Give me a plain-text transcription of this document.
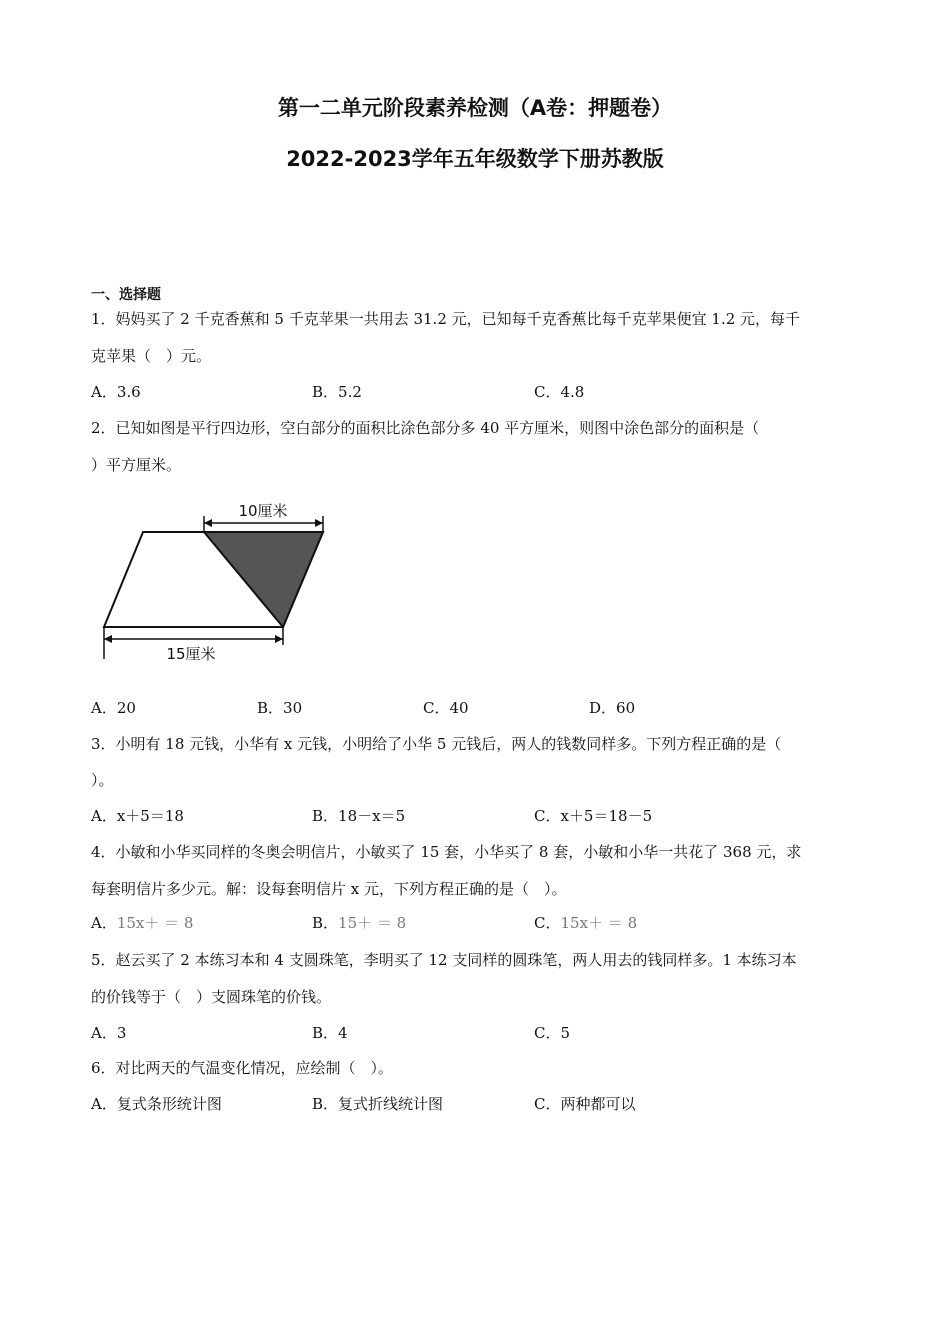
第一二单元阶段素养检测（A卷：押题卷）
2022-2023学年五年级数学下册苏教版
一、选择题
1．妈妈买了 2 千克香蕉和 5 千克苹果一共用去 31.2 元，已知每千克香蕉比每千克苹果便宜 1.2 元，每千
克苹果（　）元。
A．3.6	B．5.2	C．4.8
2．已知如图是平行四边形，空白部分的面积比涂色部分多 40 平方厘米，则图中涂色部分的面积是（
）平方厘米。
10厘米
15厘米
A．20	B．30	C．40	D．60
3．小明有 18 元钱，小华有 x 元钱，小明给了小华 5 元钱后，两人的钱数同样多。下列方程正确的是（
）。
A．x＋5＝18	B．18－x＝5	C．x＋5＝18－5
4．小敏和小华买同样的冬奥会明信片，小敏买了 15 套，小华买了 8 套，小敏和小华一共花了 368 元，求
每套明信片多少元。解：设每套明信片 x 元，下列方程正确的是（　）。
A．15x＋ ＝ 8	B．15＋ ＝ 8	C．15x＋ ＝ 8
5．赵云买了 2 本练习本和 4 支圆珠笔，李明买了 12 支同样的圆珠笔，两人用去的钱同样多。1 本练习本
的价钱等于（　）支圆珠笔的价钱。
A．3	B．4	C．5
6．对比两天的气温变化情况，应绘制（　）。
A．复式条形统计图	B．复式折线统计图	C．两种都可以
